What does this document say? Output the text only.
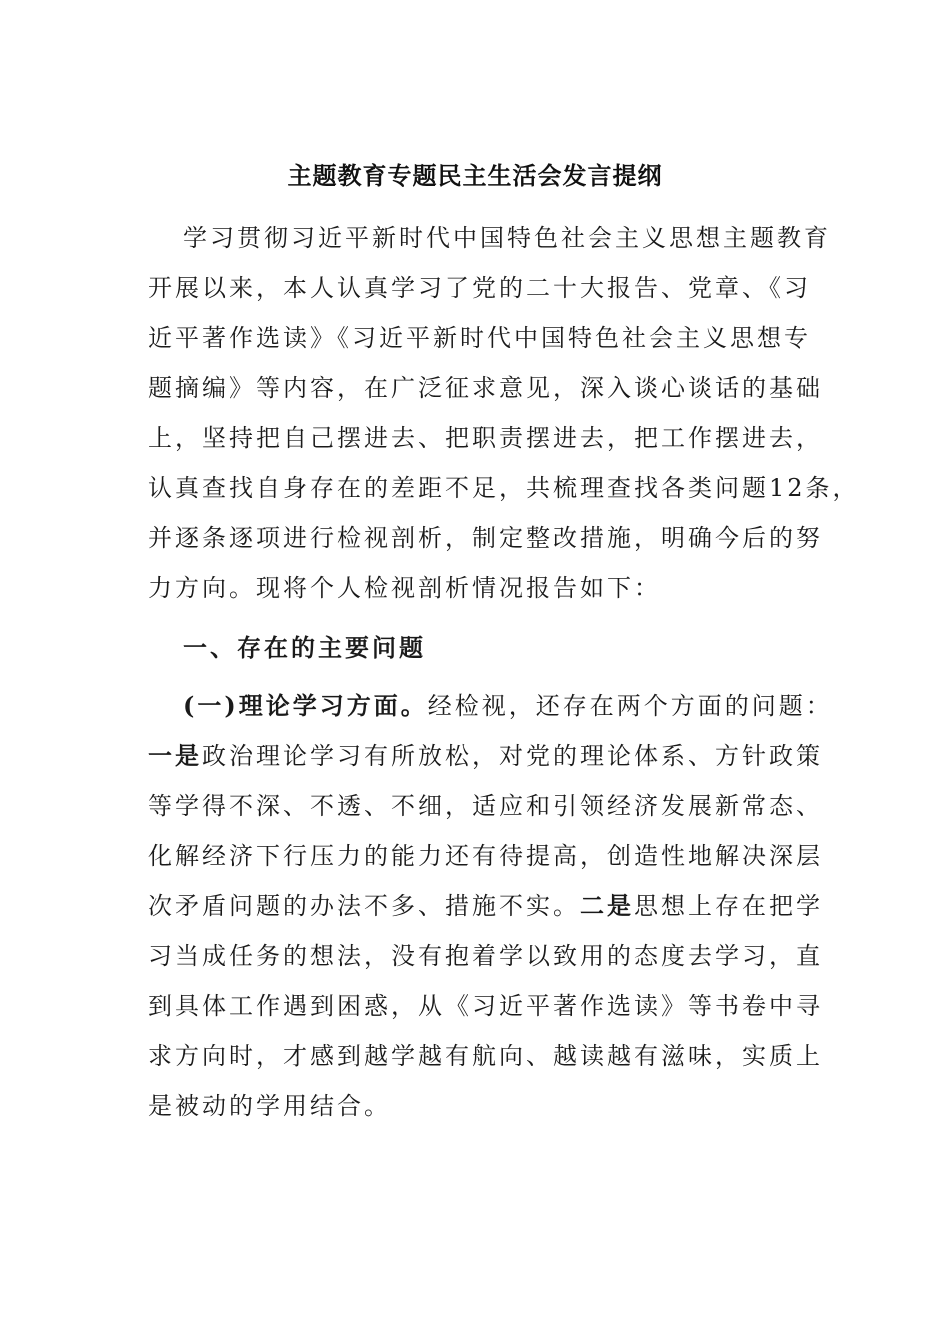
主题教育专题民主生活会发言提纲
学习贯彻习近平新时代中国特色社会主义思想主题教育
开展以来，本人认真学习了党的二十大报告、党章、《习
近平著作选读》《习近平新时代中国特色社会主义思想专
题摘编》等内容，在广泛征求意见，深入谈心谈话的基础
上，坚持把自己摆进去、把职责摆进去，把工作摆进去，
认真查找自身存在的差距不足，共梳理查找各类问题12条，
并逐条逐项进行检视剖析，制定整改措施，明确今后的努
力方向。现将个人检视剖析情况报告如下：
一、存在的主要问题
(一)理论学习方面。经检视，还存在两个方面的问题：
一是政治理论学习有所放松，对党的理论体系、方针政策
等学得不深、不透、不细，适应和引领经济发展新常态、
化解经济下行压力的能力还有待提高，创造性地解决深层
次矛盾问题的办法不多、措施不实。二是思想上存在把学
习当成任务的想法，没有抱着学以致用的态度去学习，直
到具体工作遇到困惑，从《习近平著作选读》等书卷中寻
求方向时，才感到越学越有航向、越读越有滋味，实质上
是被动的学用结合。
